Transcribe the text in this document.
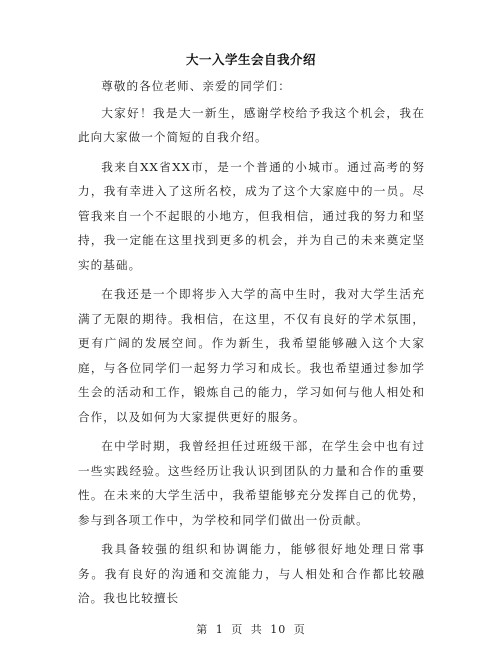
大一入学生会自我介绍

尊敬的各位老师、亲爱的同学们：

大家好！我是大一新生，感谢学校给予我这个机会，我在此向大家做一个简短的自我介绍。

我来自XX省XX市，是一个普通的小城市。通过高考的努力，我有幸进入了这所名校，成为了这个大家庭中的一员。尽管我来自一个不起眼的小地方，但我相信，通过我的努力和坚持，我一定能在这里找到更多的机会，并为自己的未来奠定坚实的基础。

在我还是一个即将步入大学的高中生时，我对大学生活充满了无限的期待。我相信，在这里，不仅有良好的学术氛围，更有广阔的发展空间。作为新生，我希望能够融入这个大家庭，与各位同学们一起努力学习和成长。我也希望通过参加学生会的活动和工作，锻炼自己的能力，学习如何与他人相处和合作，以及如何为大家提供更好的服务。

在中学时期，我曾经担任过班级干部，在学生会中也有过一些实践经验。这些经历让我认识到团队的力量和合作的重要性。在未来的大学生活中，我希望能够充分发挥自己的优势，参与到各项工作中，为学校和同学们做出一份贡献。

我具备较强的组织和协调能力，能够很好地处理日常事务。我有良好的沟通和交流能力，与人相处和合作都比较融洽。我也比较擅长

第 1 页 共 10 页
